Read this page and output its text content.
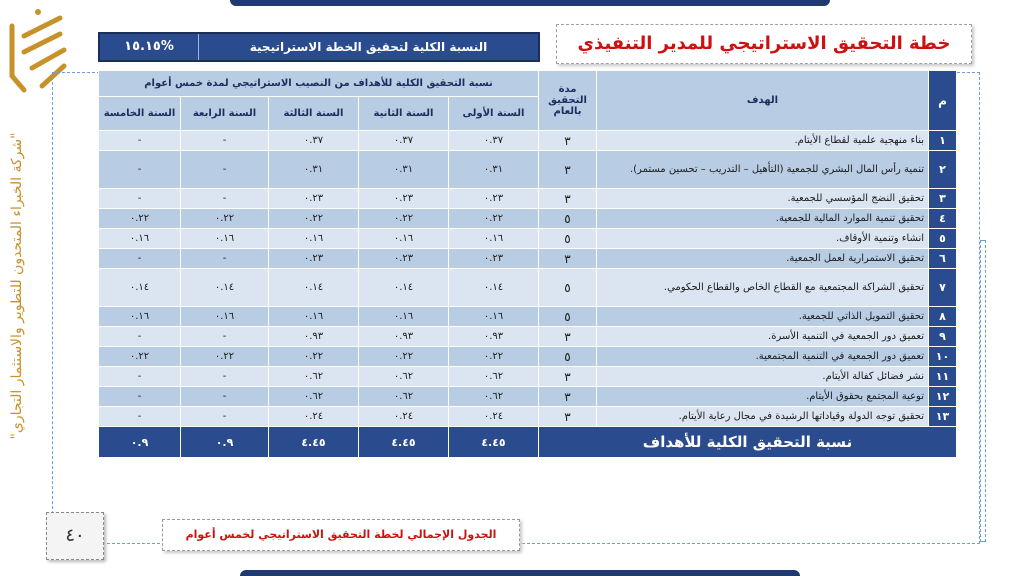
"شركة الخبراء المتحدون للتطوير والاستثمار التجاري"
خطة التحقيق الاستراتيجي للمدير التنفيذي
النسبة الكلية لتحقيق الخطة الاستراتيجية
%١٥.١٥
م	الهدف	مدة التحقيق بالعام	نسبة التحقيق الكلية للأهداف من النصيب الاستراتيجي لمدة خمس أعوام				
			السنة الأولى	السنة الثانية	السنة الثالثة	السنة الرابعة	السنة الخامسة
١	بناء منهجية علمية لقطاع الأيتام.	٣	٠.٣٧	٠.٣٧	٠.٣٧	-	-
٢	تنمية رأس المال البشري للجمعية (التأهيل – التدريب – تحسين مستمر).	٣	٠.٣١	٠.٣١	٠.٣١	-	-
٣	تحقيق النضج المؤسسي للجمعية.	٣	٠.٢٣	٠.٢٣	٠.٢٣	-	-
٤	تحقيق تنمية الموارد المالية للجمعية.	٥	٠.٢٢	٠.٢٢	٠.٢٢	٠.٢٢	٠.٢٢
٥	انشاء وتنمية الأوقاف.	٥	٠.١٦	٠.١٦	٠.١٦	٠.١٦	٠.١٦
٦	تحقيق الاستمرارية لعمل الجمعية.	٣	٠.٢٣	٠.٢٣	٠.٢٣	-	-
٧	تحقيق الشراكة المجتمعية مع القطاع الخاص والقطاع الحكومي.	٥	٠.١٤	٠.١٤	٠.١٤	٠.١٤	٠.١٤
٨	تحقيق التمويل الذاتي للجمعية.	٥	٠.١٦	٠.١٦	٠.١٦	٠.١٦	٠.١٦
٩	تعميق دور الجمعية في التنمية الأسرة.	٣	٠.٩٣	٠.٩٣	٠.٩٣	-	-
١٠	تعميق دور الجمعية في التنمية المجتمعية.	٥	٠.٢٢	٠.٢٢	٠.٢٢	٠.٢٢	٠.٢٢
١١	نشر فضائل كفالة الأيتام.	٣	٠.٦٢	٠.٦٢	٠.٦٢	-	-
١٢	توعية المجتمع بحقوق الأيتام.	٣	٠.٦٢	٠.٦٢	٠.٦٢	-	-
١٣	تحقيق توجه الدولة وقياداتها الرشيدة في مجال رعاية الأيتام.	٣	٠.٢٤	٠.٢٤	٠.٢٤	-	-
نسبة التحقيق الكلية للأهداف			٤.٤٥	٤.٤٥	٤.٤٥	٠.٩	٠.٩
٤٠	الجدول الإجمالي لخطة التحقيق الاستراتيجي لخمس أعوام
